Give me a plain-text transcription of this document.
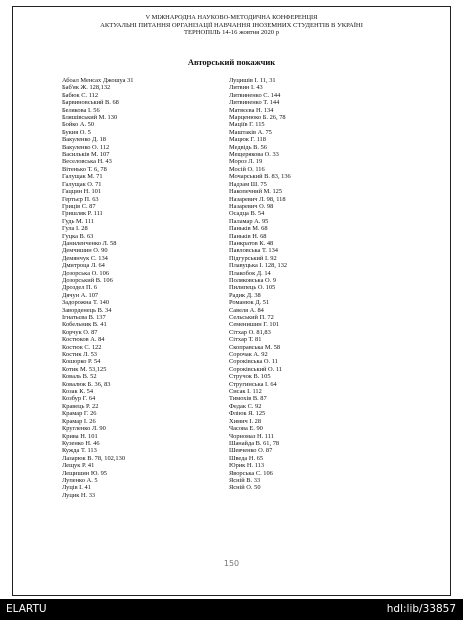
V МІЖНАРОДНА НАУКОВО-МЕТОДИЧНА КОНФЕРЕНЦІЯ
АКТУАЛЬНІ ПИТАННЯ ОРГАНІЗАЦІЇ НАВЧАННЯ ІНОЗЕМНИХ СТУДЕНТІВ В УКРАЇНІ
ТЕРНОПІЛЬ 14-16 жовтня 2020 р
Авторський покажчик
Абоал Менсах Джошуа 31
Баб'як Ж. 128,132
Бабюк С. 112
Барвиновський В. 68
Белякова І. 56
Бляшівський М. 130
Бойко А. 50
Букия О. 5
Вакуленко Д. 18
Вакуленко О. 112
Васильків М. 107
Веселовська Н. 43
Вітенько Т. 6, 78
Галущак М. 71
Галущак О. 71
Гаццин Н. 101
Гертьєр П. 63
Гриців С. 87
Гришляк Р. 111
Гудь М. 111
Гула І. 28
Гуцка В. 63
Даниленченко Л. 58
Демчишин О. 90
Демянчук С. 134
Дмитроца Л. 64
Дозорська О. 106
Дозорський В. 106
Дроздел П. 6
Дячун А. 107
Задорожна Т. 140
Заворденець В. 34
Ігнатьєва В. 137
Кобельник В. 41
Корчук О. 87
Костюков А. 84
Костюк С. 122
Костик Л. 53
Кошорко Р. 54
Котик М. 53,125
Коваль В. 52
Ковалюк Б. 36, 83
Козак К. 54
Козбур Г. 64
Кравець Р. 22
Крамар Г. 26
Крамар І. 26
Кругленко Л. 90
Крива Н. 101
Кузенко Н. 46
Кужда Т. 113
Лазарюк В. 78, 102,130
Лещук Р. 41
Лещишин Ю. 95
Лупенко А. 5
Луців І. 41
Луцик Н. 33
Луцишів І. 11, 31
Литвин І. 43
Литвиненко С. 144
Литвиненко Т. 144
Матвєєва Н. 134
Марценюко Б. 26, 78
Маціїв Г. 115
Маштаків А. 75
Мацюк Г. 118
Медвідь В. 56
Мещерякова О. 33
Мороз Л. 19
Мосій О. 116
Мочарський В. 83, 136
Надзам Ш. 75
Накопечний М. 125
Назаревич Л. 98, 118
Назаревич О. 98
Осадца В. 54
Паламар А. 95
Паньків М. 68
Паньків Н. 68
Панкратов К. 48
Павловська Т. 134
Підгурський І. 92
Плавуцька І. 128, 132
Плакобок Д. 14
Поляковська О. 9
Пилипець О. 105
Радик Д. 38
Романюк Д. 51
Савеля А. 84
Сельський П. 72
Семенишин Г. 101
Сітхар О. 81,83
Сітхар Т. 81
Скоправська М. 58
Сорочак А. 92
Сороківська О. 11
Сороківський О. 11
Стручок В. 105
Стругинська І. 64
Сисак І. 112
Тимохів В. 87
Федак С. 92
Фліюк Я. 125
Химич І. 28
Часова Е. 90
Чорномаз Н. 111
Шанайда В. 61, 78
Шевченко О. 87
Шведа Н. 65
Юрик Н. 113
Яворська С. 106
Ясній В. 33
Ясній О. 50
150
ELARTU	hdl:lib/33857
